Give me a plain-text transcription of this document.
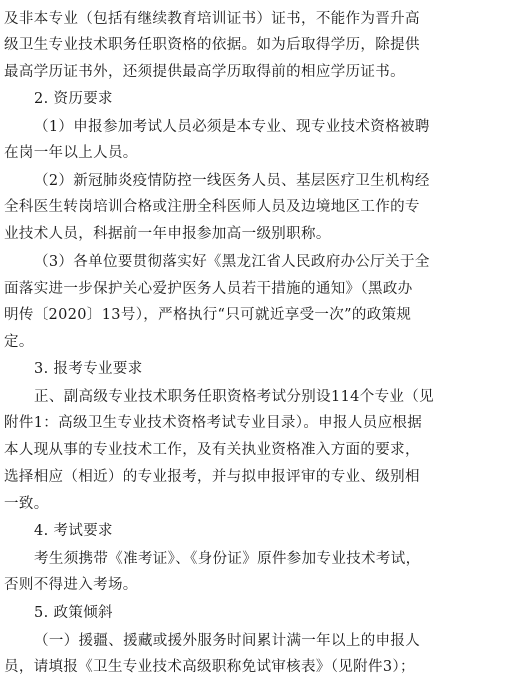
及非本专业（包括有继续教育培训证书）证书，不能作为晋升高
级卫生专业技术职务任职资格的依据。如为后取得学历，除提供
最高学历证书外，还须提供最高学历取得前的相应学历证书。
2. 资历要求
（1）申报参加考试人员必须是本专业、现专业技术资格被聘
在岗一年以上人员。
（2）新冠肺炎疫情防控一线医务人员、基层医疗卫生机构经
全科医生转岗培训合格或注册全科医师人员及边境地区工作的专
业技术人员，科据前一年申报参加高一级别职称。
（3）各单位要贯彻落实好《黑龙江省人民政府办公厅关于全
面落实进一步保护关心爱护医务人员若干措施的通知》（黑政办
明传〔2020〕13号），严格执行“只可就近享受一次”的政策规
定。
3. 报考专业要求
正、副高级专业技术职务任职资格考试分别设114个专业（见
附件1：高级卫生专业技术资格考试专业目录）。申报人员应根据
本人现从事的专业技术工作，及有关执业资格准入方面的要求，
选择相应（相近）的专业报考，并与拟申报评审的专业、级别相
一致。
4. 考试要求
考生须携带《准考证》、《身份证》原件参加专业技术考试，
否则不得进入考场。
5. 政策倾斜
（一）援疆、援藏或援外服务时间累计满一年以上的申报人
员，请填报《卫生专业技术高级职称免试审核表》（见附件3）；
